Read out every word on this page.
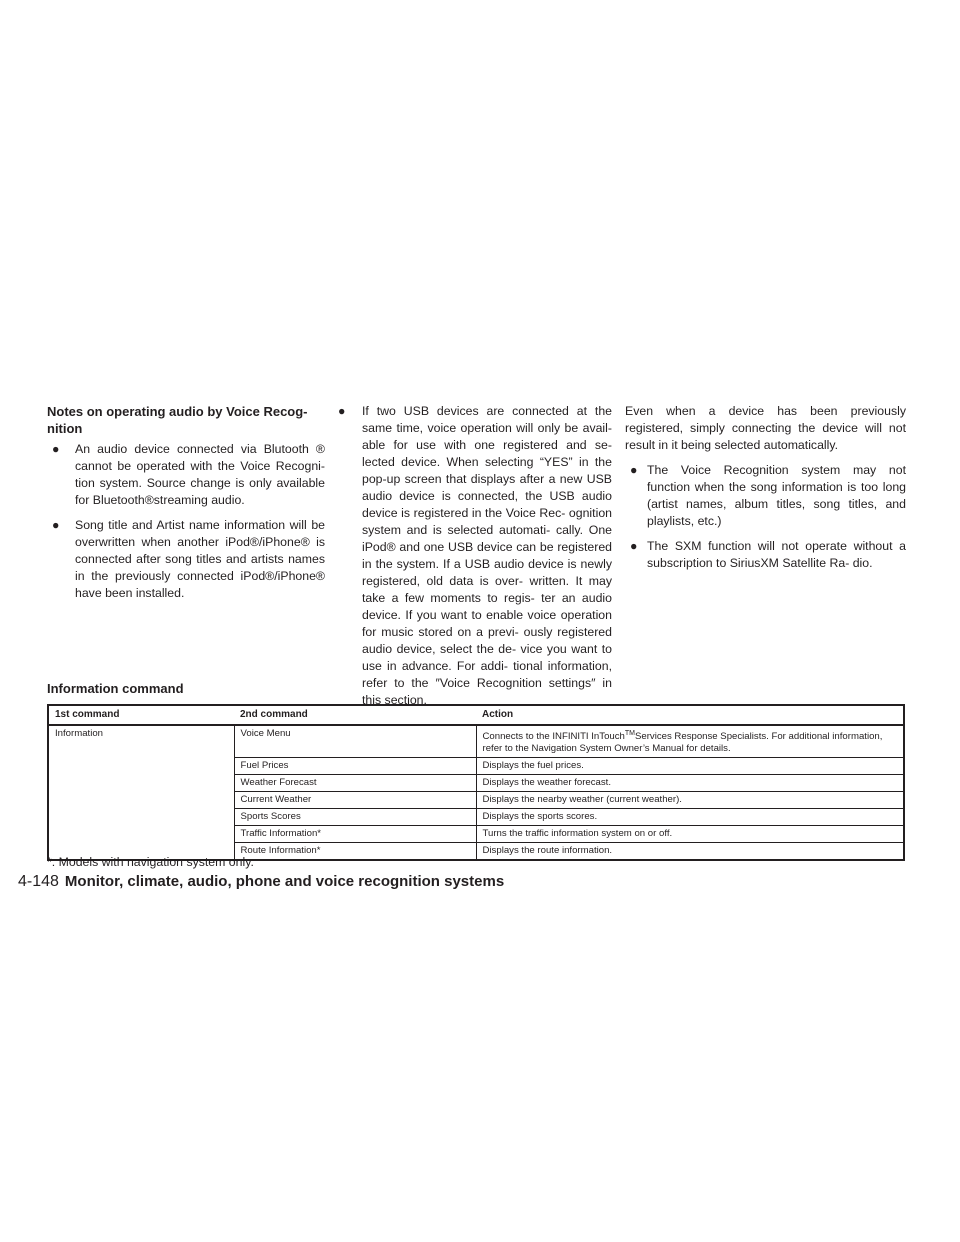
Notes on operating audio by Voice Recog-
nition
● An audio device connected via Blutooth ® cannot be operated with the Voice Recogni- tion system. Source change is only available for Bluetooth®streaming audio.
● Song title and Artist name information will be overwritten when another iPod®/iPhone® is connected after song titles and artists names in the previously connected iPod®/iPhone® have been installed.
● If two USB devices are connected at the same time, voice operation will only be avail- able for use with one registered and se- lected device. When selecting “YES” in the pop-up screen that displays after a new USB audio device is connected, the USB audio device is registered in the Voice Rec- ognition system and is selected automati- cally. One iPod® and one USB device can be registered in the system. If a USB audio device is newly registered, old data is over- written. It may take a few moments to regis- ter an audio device. If you want to enable voice operation for music stored on a previ- ously registered audio device, select the de- vice you want to use in advance. For addi- tional information, refer to the ″Voice Recognition settings″ in this section.
Even when a device has been previously registered, simply connecting the device will not result in it being selected automatically.
● The Voice Recognition system may not function when the song information is too long (artist names, album titles, song titles, and playlists, etc.)
● The SXM function will not operate without a subscription to SiriusXM Satellite Ra- dio.
Information command
1st command	2nd command	Action
Information	Voice Menu	Connects to the INFINITI InTouch™Services Response Specialists. For additional information, refer to the Navigation System Owner’s Manual for details.
	Fuel Prices	Displays the fuel prices.
	Weather Forecast	Displays the weather forecast.
	Current Weather	Displays the nearby weather (current weather).
	Sports Scores	Displays the sports scores.
	Traffic Information*	Turns the traffic information system on or off.
	Route Information*	Displays the route information.
*: Models with navigation system only.
4-148 Monitor, climate, audio, phone and voice recognition systems
